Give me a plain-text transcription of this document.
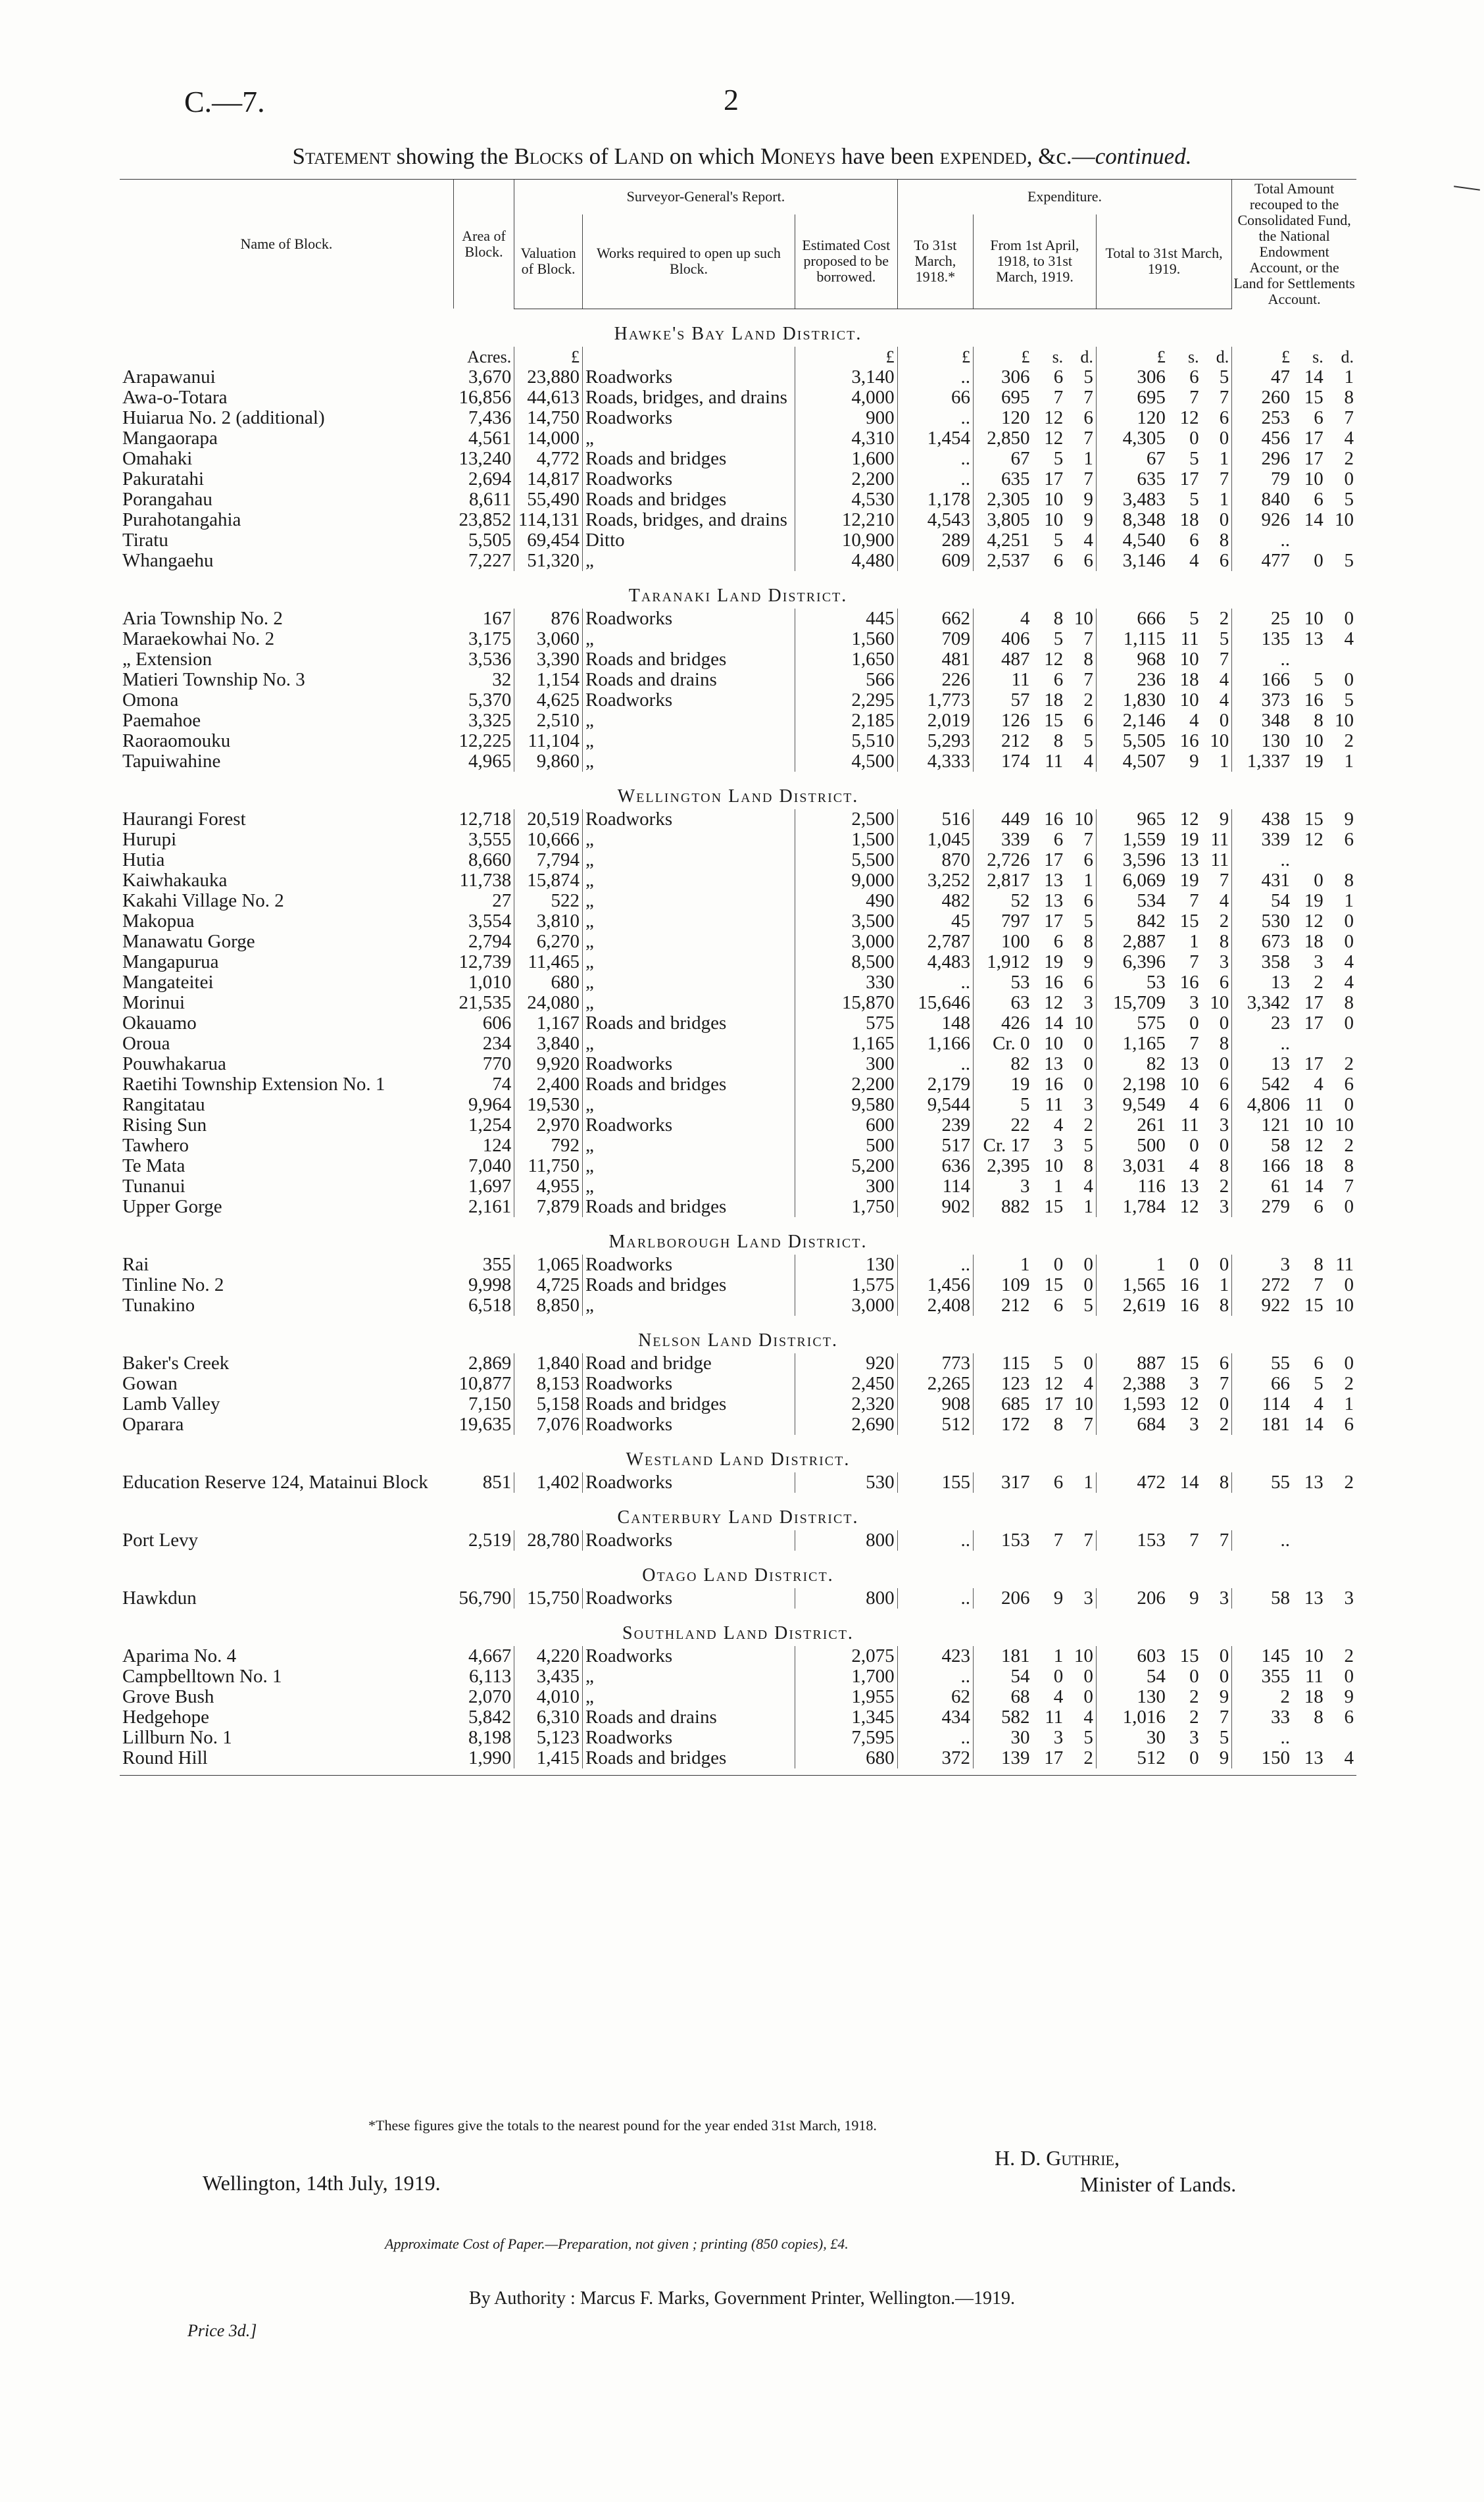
C.—7.	2
Statement showing the Blocks of Land on which Moneys have been expended, &c.—continued.
Name of Block.	Area of Block.	Surveyor-General's Report.			Expenditure.							Total Amount recouped to the Consolidated Fund, the National Endowment Account, or the Land for Settlements Account.		
		Valuation of Block.	Works required to open up such Block.	Estimated Cost proposed to be borrowed.	To 31st March, 1918.*	From 1st April, 1918, to 31st March, 1919.			Total to 31st March, 1919.					
Hawke's Bay Land District.														
	Acres.	£		£	£	£	s.	d.	£	s.	d.	£	s.	d.
Arapawanui	3,670	23,880	Roadworks	3,140	..	306	6	5	306	6	5	47	14	1
Awa-o-Totara	16,856	44,613	Roads, bridges, and drains	4,000	66	695	7	7	695	7	7	260	15	8
Huiarua No. 2 (additional)	7,436	14,750	Roadworks	900	..	120	12	6	120	12	6	253	6	7
Mangaorapa	4,561	14,000	„	4,310	1,454	2,850	12	7	4,305	0	0	456	17	4
Omahaki	13,240	4,772	Roads and bridges	1,600	..	67	5	1	67	5	1	296	17	2
Pakuratahi	2,694	14,817	Roadworks	2,200	..	635	17	7	635	17	7	79	10	0
Porangahau	8,611	55,490	Roads and bridges	4,530	1,178	2,305	10	9	3,483	5	1	840	6	5
Purahotangahia	23,852	114,131	Roads, bridges, and drains	12,210	4,543	3,805	10	9	8,348	18	0	926	14	10
Tiratu	5,505	69,454	Ditto	10,900	289	4,251	5	4	4,540	6	8	..		
Whangaehu	7,227	51,320	„	4,480	609	2,537	6	6	3,146	4	6	477	0	5
Taranaki Land District.														
Aria Township No. 2	167	876	Roadworks	445	662	4	8	10	666	5	2	25	10	0
Maraekowhai No. 2	3,175	3,060	„	1,560	709	406	5	7	1,115	11	5	135	13	4
„ Extension	3,536	3,390	Roads and bridges	1,650	481	487	12	8	968	10	7	..		
Matieri Township No. 3	32	1,154	Roads and drains	566	226	11	6	7	236	18	4	166	5	0
Omona	5,370	4,625	Roadworks	2,295	1,773	57	18	2	1,830	10	4	373	16	5
Paemahoe	3,325	2,510	„	2,185	2,019	126	15	6	2,146	4	0	348	8	10
Raoraomouku	12,225	11,104	„	5,510	5,293	212	8	5	5,505	16	10	130	10	2
Tapuiwahine	4,965	9,860	„	4,500	4,333	174	11	4	4,507	9	1	1,337	19	1
Wellington Land District.														
Haurangi Forest	12,718	20,519	Roadworks	2,500	516	449	16	10	965	12	9	438	15	9
Hurupi	3,555	10,666	„	1,500	1,045	339	6	7	1,559	19	11	339	12	6
Hutia	8,660	7,794	„	5,500	870	2,726	17	6	3,596	13	11	..		
Kaiwhakauka	11,738	15,874	„	9,000	3,252	2,817	13	1	6,069	19	7	431	0	8
Kakahi Village No. 2	27	522	„	490	482	52	13	6	534	7	4	54	19	1
Makopua	3,554	3,810	„	3,500	45	797	17	5	842	15	2	530	12	0
Manawatu Gorge	2,794	6,270	„	3,000	2,787	100	6	8	2,887	1	8	673	18	0
Mangapurua	12,739	11,465	„	8,500	4,483	1,912	19	9	6,396	7	3	358	3	4
Mangateitei	1,010	680	„	330	..	53	16	6	53	16	6	13	2	4
Morinui	21,535	24,080	„	15,870	15,646	63	12	3	15,709	3	10	3,342	17	8
Okauamo	606	1,167	Roads and bridges	575	148	426	14	10	575	0	0	23	17	0
Oroua	234	3,840	„	1,165	1,166	Cr. 0	10	0	1,165	7	8	..		
Pouwhakarua	770	9,920	Roadworks	300	..	82	13	0	82	13	0	13	17	2
Raetihi Township Extension No. 1	74	2,400	Roads and bridges	2,200	2,179	19	16	0	2,198	10	6	542	4	6
Rangitatau	9,964	19,530	„	9,580	9,544	5	11	3	9,549	4	6	4,806	11	0
Rising Sun	1,254	2,970	Roadworks	600	239	22	4	2	261	11	3	121	10	10
Tawhero	124	792	„	500	517	Cr. 17	3	5	500	0	0	58	12	2
Te Mata	7,040	11,750	„	5,200	636	2,395	10	8	3,031	4	8	166	18	8
Tunanui	1,697	4,955	„	300	114	3	1	4	116	13	2	61	14	7
Upper Gorge	2,161	7,879	Roads and bridges	1,750	902	882	15	1	1,784	12	3	279	6	0
Marlborough Land District.														
Rai	355	1,065	Roadworks	130	..	1	0	0	1	0	0	3	8	11
Tinline No. 2	9,998	4,725	Roads and bridges	1,575	1,456	109	15	0	1,565	16	1	272	7	0
Tunakino	6,518	8,850	„	3,000	2,408	212	6	5	2,619	16	8	922	15	10
Nelson Land District.														
Baker's Creek	2,869	1,840	Road and bridge	920	773	115	5	0	887	15	6	55	6	0
Gowan	10,877	8,153	Roadworks	2,450	2,265	123	12	4	2,388	3	7	66	5	2
Lamb Valley	7,150	5,158	Roads and bridges	2,320	908	685	17	10	1,593	12	0	114	4	1
Oparara	19,635	7,076	Roadworks	2,690	512	172	8	7	684	3	2	181	14	6
Westland Land District.														
Education Reserve 124, Matainui Block	851	1,402	Roadworks	530	155	317	6	1	472	14	8	55	13	2
Canterbury Land District.														
Port Levy	2,519	28,780	Roadworks	800	..	153	7	7	153	7	7	..		
Otago Land District.														
Hawkdun	56,790	15,750	Roadworks	800	..	206	9	3	206	9	3	58	13	3
Southland Land District.														
Aparima No. 4	4,667	4,220	Roadworks	2,075	423	181	1	10	603	15	0	145	10	2
Campbelltown No. 1	6,113	3,435	„	1,700	..	54	0	0	54	0	0	355	11	0
Grove Bush	2,070	4,010	„	1,955	62	68	4	0	130	2	9	2	18	9
Hedgehope	5,842	6,310	Roads and drains	1,345	434	582	11	4	1,016	2	7	33	8	6
Lillburn No. 1	8,198	5,123	Roadworks	7,595	..	30	3	5	30	3	5	..		
Round Hill	1,990	1,415	Roads and bridges	680	372	139	17	2	512	0	9	150	13	4

*These figures give the totals to the nearest pound for the year ended 31st March, 1918.
Wellington, 14th July, 1919.
H. D. Guthrie,
Minister of Lands.
Approximate Cost of Paper.—Preparation, not given ; printing (850 copies), £4.
By Authority : Marcus F. Marks, Government Printer, Wellington.—1919.
Price 3d.]
